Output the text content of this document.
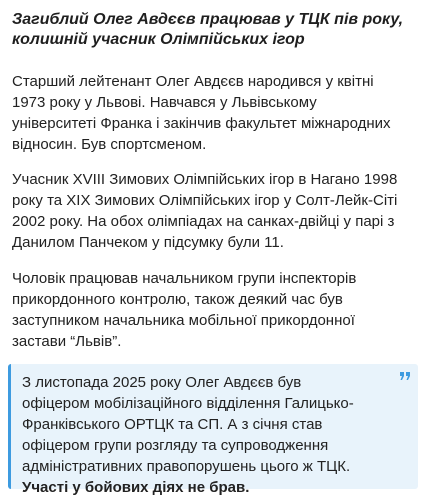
Загиблий Олег Авдєєв працював у ТЦК пів року,
колишній учасник Олімпійських ігор

Старший лейтенант Олег Авдєєв народився у квітні
1973 року у Львові. Навчався у Львівському
університеті Франка і закінчив факультет міжнародних
відносин. Був спортсменом.

Учасник XVIII Зимових Олімпійських ігор в Нагано 1998
року та XIX Зимових Олімпійських ігор у Солт-Лейк-Сіті
2002 року. На обох олімпіадах на санках-двійці у парі з
Данилом Панчеком у підсумку були 11.

Чоловік працював начальником групи інспекторів
прикордонного контролю, також деякий час був
заступником начальника мобільної прикордонної
застави “Львів”.

З листопада 2025 року Олег Авдєєв був
офіцером мобілізаційного відділення Галицько-
Франківського ОРТЦК та СП. А з січня став
офіцером групи розгляду та супроводження
адміністративних правопорушень цього ж ТЦК.
Участі у бойових діях не брав.
